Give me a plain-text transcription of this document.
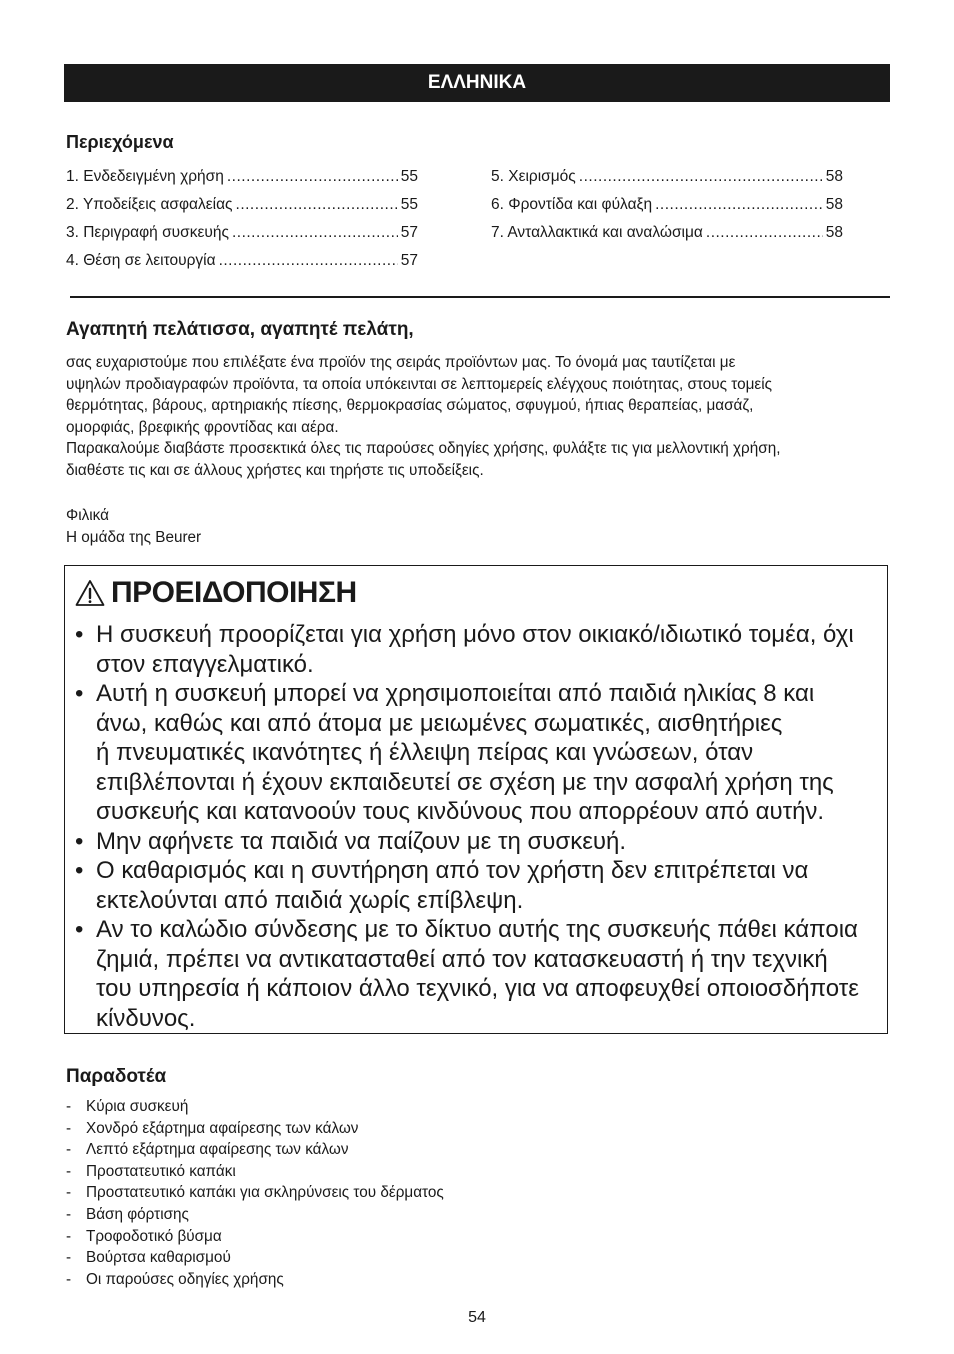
ΕΛΛΗΝΙΚΑ
Περιεχόμενα
1. Ενδεδειγμένη χρήση .....	55
2. Υποδείξεις ασφαλείας .....	55
3. Περιγραφή συσκευής .....	57
4. Θέση σε λειτουργία .....	57
5. Χειρισμός .....	58
6. Φροντίδα και φύλαξη .....	58
7. Ανταλλακτικά και αναλώσιμα .....	58
Αγαπητή πελάτισσα, αγαπητέ πελάτη,

σας ευχαριστούμε που επιλέξατε ένα προϊόν της σειράς προϊόντων μας. Το όνομά μας ταυτίζεται με

υψηλών προδιαγραφών προϊόντα, τα οποία υπόκεινται σε λεπτομερείς ελέγχους ποιότητας, στους τομείς

θερμότητας, βάρους, αρτηριακής πίεσης, θερμοκρασίας σώματος, σφυγμού, ήπιας θεραπείας, μασάζ,

ομορφιάς, βρεφικής φροντίδας και αέρα.

Παρακαλούμε διαβάστε προσεκτικά όλες τις παρούσες οδηγίες χρήσης, φυλάξτε τις για μελλοντική χρήση,

διαθέστε τις και σε άλλους χρήστες και τηρήστε τις υποδείξεις.

Φιλικά

Η ομάδα της Beurer

ΠΡΟΕΙΔΟΠΟΙΗΣΗ
• Η συσκευή προορίζεται για χρήση μόνο στον οικιακό/ιδιωτικό τομέα, όχι
στον επαγγελματικό.
• Αυτή η συσκευή μπορεί να χρησιμοποιείται από παιδιά ηλικίας 8 και
άνω, καθώς και από άτομα με μειωμένες σωματικές, αισθητήριες
ή πνευματικές ικανότητες ή έλλειψη πείρας και γνώσεων, όταν
επιβλέπονται ή έχουν εκπαιδευτεί σε σχέση με την ασφαλή χρήση της
συσκευής και κατανοούν τους κινδύνους που απορρέουν από αυτήν.
• Μην αφήνετε τα παιδιά να παίζουν με τη συσκευή.
• Ο καθαρισμός και η συντήρηση από τον χρήστη δεν επιτρέπεται να
εκτελούνται από παιδιά χωρίς επίβλεψη.
• Αν το καλώδιο σύνδεσης με το δίκτυο αυτής της συσκευής πάθει κάποια
ζημιά, πρέπει να αντικατασταθεί από τον κατασκευαστή ή την τεχνική
του υπηρεσία ή κάποιον άλλο τεχνικό, για να αποφευχθεί οποιοσδήποτε
κίνδυνος.
Παραδοτέα
- Κύρια συσκευή
- Χονδρό εξάρτημα αφαίρεσης των κάλων
- Λεπτό εξάρτημα αφαίρεσης των κάλων
- Προστατευτικό καπάκι
- Προστατευτικό καπάκι για σκληρύνσεις του δέρματος
- Βάση φόρτισης
- Τροφοδοτικό βύσμα
- Βούρτσα καθαρισμού
- Οι παρούσες οδηγίες χρήσης
54
